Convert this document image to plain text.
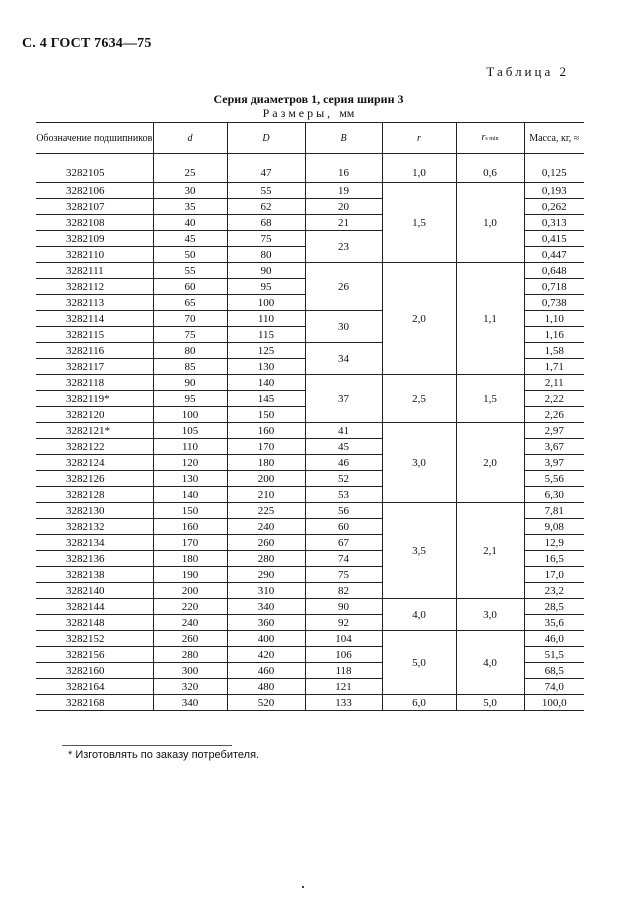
С. 4 ГОСТ 7634—75
Таблица 2
Серия диаметров 1, серия ширин 3
Размеры, мм
Обозначение подшипников	d	D	B	r	rs min	Масса, кг, ≈
3282105	25	47	16	1,0	0,6	0,125
3282106	30	55	19	1,5	1,0	0,193
3282107	35	62	20			0,262
3282108	40	68	21			0,313
3282109	45	75	23			0,415
3282110	50	80				0,447
3282111	55	90	26	2,0	1,1	0,648
3282112	60	95				0,718
3282113	65	100				0,738
3282114	70	110	30			1,10
3282115	75	115				1,16
3282116	80	125	34			1,58
3282117	85	130				1,71
3282118	90	140	37	2,5	1,5	2,11
3282119*	95	145				2,22
3282120	100	150				2,26
3282121*	105	160	41	3,0	2,0	2,97
3282122	110	170	45			3,67
3282124	120	180	46			3,97
3282126	130	200	52			5,56
3282128	140	210	53			6,30
3282130	150	225	56	3,5	2,1	7,81
3282132	160	240	60			9,08
3282134	170	260	67			12,9
3282136	180	280	74			16,5
3282138	190	290	75			17,0
3282140	200	310	82			23,2
3282144	220	340	90	4,0	3,0	28,5
3282148	240	360	92			35,6
3282152	260	400	104	5,0	4,0	46,0
3282156	280	420	106			51,5
3282160	300	460	118			68,5
3282164	320	480	121			74,0
3282168	340	520	133	6,0	5,0	100,0
* Изготовлять по заказу потребителя.
